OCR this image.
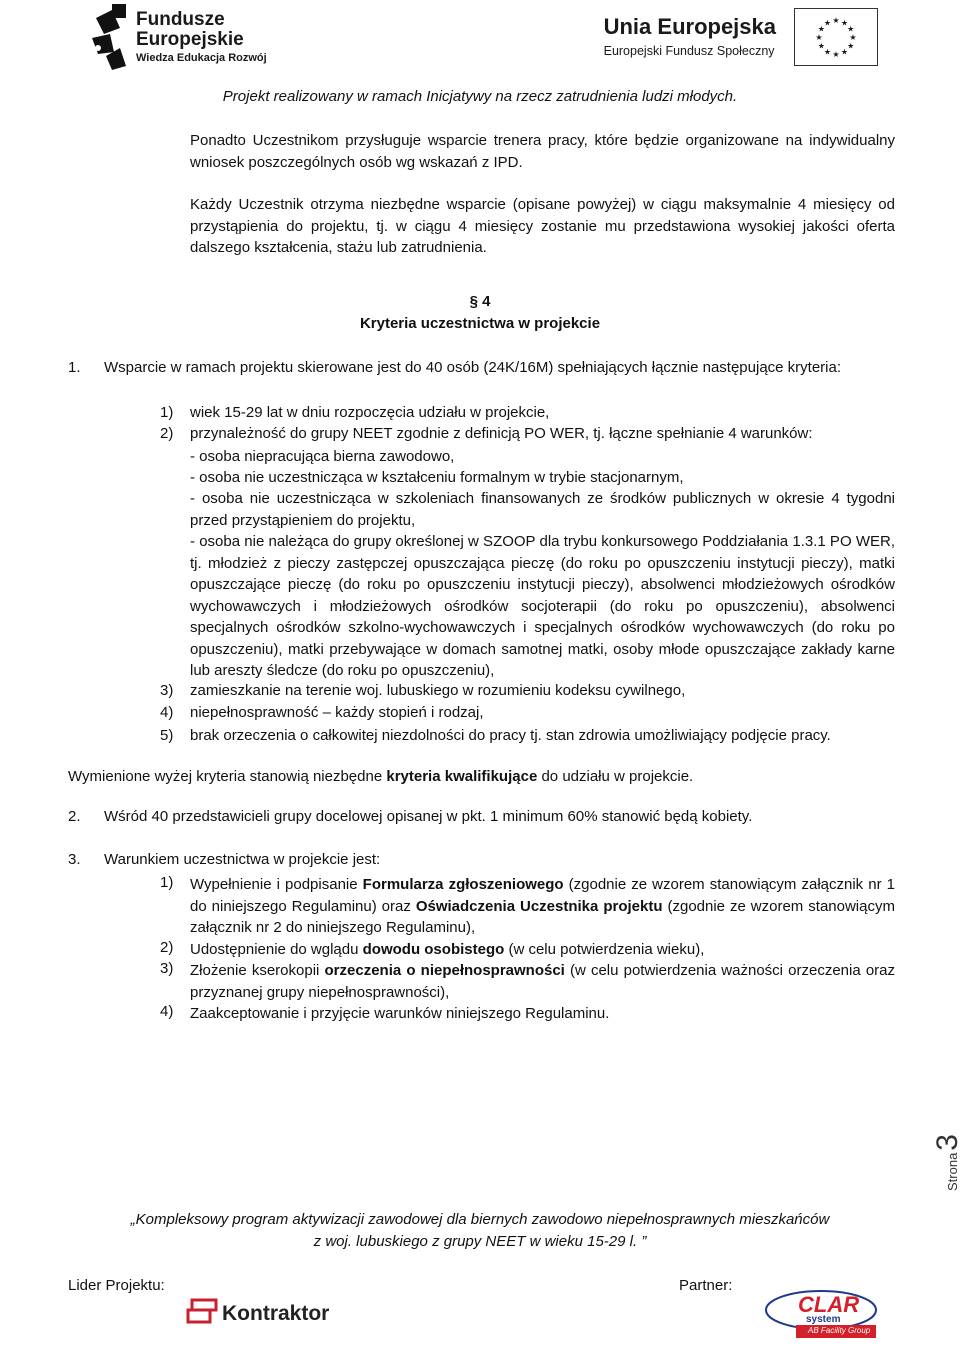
Fundusze
Europejskie
Wiedza Edukacja Rozwój
Unia Europejska
Europejski Fundusz Społeczny
★ ★
★
★
★
★
★
★
★
★
★
★
Projekt realizowany w ramach Inicjatywy na rzecz zatrudnienia ludzi młodych.

Ponadto Uczestnikom przysługuje wsparcie trenera pracy, które będzie organizowane na indywidualny wniosek poszczególnych osób wg wskazań z IPD.

Każdy Uczestnik otrzyma niezbędne wsparcie (opisane powyżej) w ciągu maksymalnie 4 miesięcy od przystąpienia do projektu, tj. w ciągu 4 miesięcy zostanie mu przedstawiona wysokiej jakości oferta dalszego kształcenia, stażu lub zatrudnienia.

§ 4
Kryteria uczestnictwa w projekcie
1. Wsparcie w ramach projektu skierowane jest do 40 osób (24K/16M) spełniających łącznie następujące kryteria:
1) wiek 15-29 lat w dniu rozpoczęcia udziału w projekcie,
2) przynależność do grupy NEET zgodnie z definicją PO WER, tj. łączne spełnianie 4 warunków:
- osoba niepracująca bierna zawodowo,
- osoba nie uczestnicząca w kształceniu formalnym w trybie stacjonarnym,
- osoba nie uczestnicząca w szkoleniach finansowanych ze środków publicznych w okresie 4 tygodni przed przystąpieniem do projektu,
- osoba nie należąca do grupy określonej w SZOOP dla trybu konkursowego Poddziałania 1.3.1 PO WER, tj. młodzież z pieczy zastępczej opuszczająca pieczę (do roku po opuszczeniu instytucji pieczy), matki opuszczające pieczę (do roku po opuszczeniu instytucji pieczy), absolwenci młodzieżowych ośrodków wychowawczych i młodzieżowych ośrodków socjoterapii (do roku po opuszczeniu), absolwenci specjalnych ośrodków szkolno-wychowawczych i specjalnych ośrodków wychowawczych (do roku po opuszczeniu), matki przebywające w domach samotnej matki, osoby młode opuszczające zakłady karne lub areszty śledcze (do roku po opuszczeniu),
3) zamieszkanie na terenie woj. lubuskiego w rozumieniu kodeksu cywilnego,
4) niepełnosprawność – każdy stopień i rodzaj,
5) brak orzeczenia o całkowitej niezdolności do pracy tj. stan zdrowia umożliwiający podjęcie pracy.
Wymienione wyżej kryteria stanowią niezbędne kryteria kwalifikujące do udziału w projekcie.
2. Wśród 40 przedstawicieli grupy docelowej opisanej w pkt. 1 minimum 60% stanowić będą kobiety.
3. Warunkiem uczestnictwa w projekcie jest:
1) Wypełnienie i podpisanie Formularza zgłoszeniowego (zgodnie ze wzorem stanowiącym załącznik nr 1 do niniejszego Regulaminu) oraz Oświadczenia Uczestnika projektu (zgodnie ze wzorem stanowiącym załącznik nr 2 do niniejszego Regulaminu),
2) Udostępnienie do wglądu dowodu osobistego (w celu potwierdzenia wieku),
3) Złożenie kserokopii orzeczenia o niepełnosprawności (w celu potwierdzenia ważności orzeczenia oraz przyznanej grupy niepełnosprawności),
4) Zaakceptowanie i przyjęcie warunków niniejszego Regulaminu.
Strona3
„Kompleksowy program aktywizacji zawodowej dla biernych zawodowo niepełnosprawnych mieszkańców
z woj. lubuskiego z grupy NEET w wieku 15-29 l. ”
Lider Projektu:
Kontraktor
Partner:
CLAR
system
AB Facility Group
